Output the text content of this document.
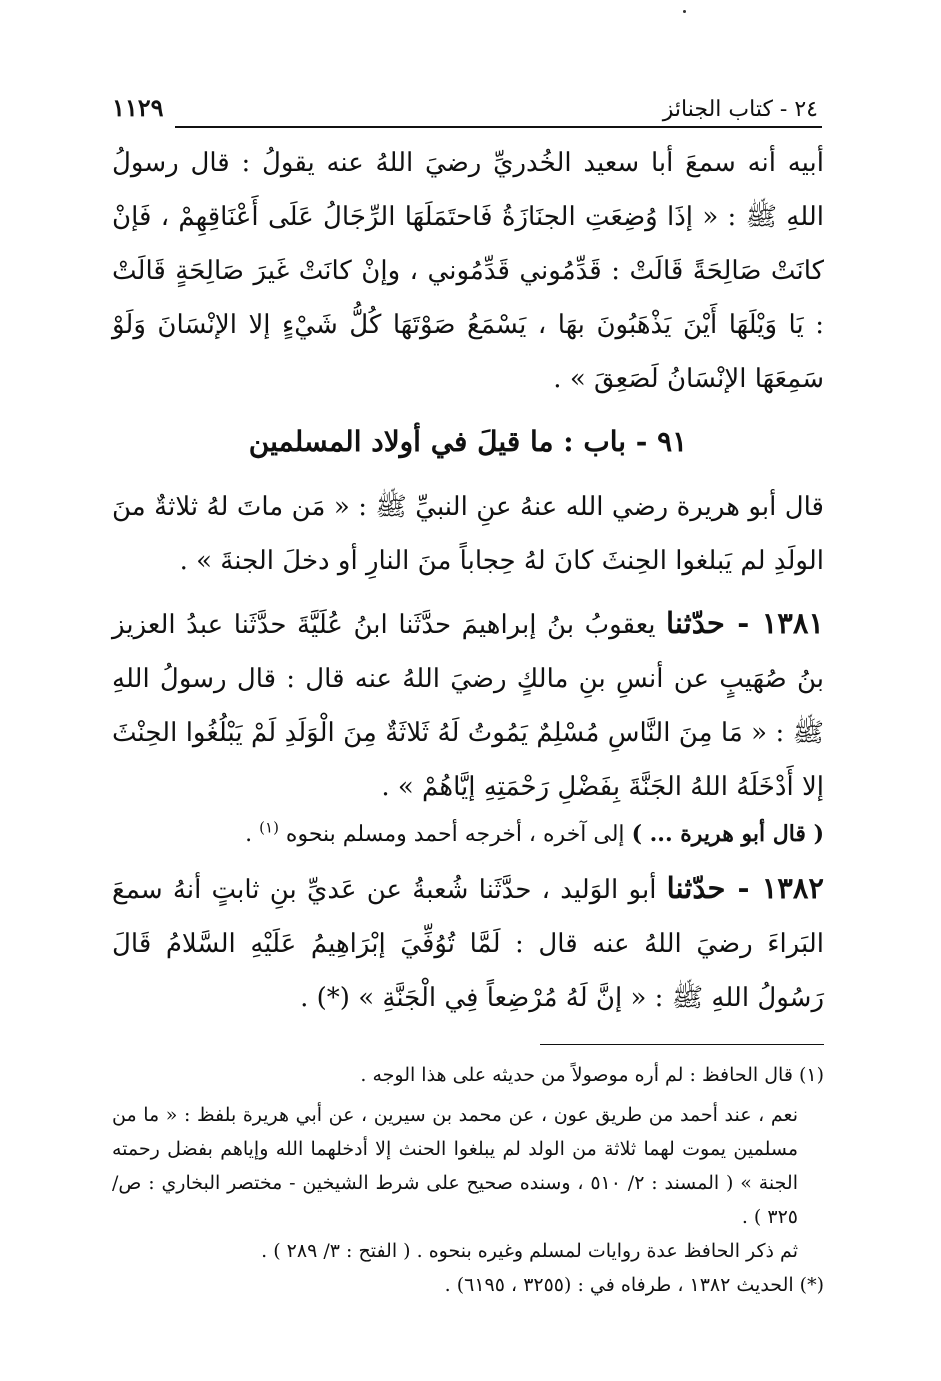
٢٤ - كتاب الجنائز
١١٢٩

أبيه أنه سمعَ أبا سعيد الخُدريِّ رضيَ اللهُ عنه يقولُ : قال رسولُ اللهِ ﷺ : « إذَا وُضِعَتِ الجنَازَةُ فَاحتَمَلَهَا الرِّجَالُ عَلَى أَعْنَاقِهِمْ ، فَإنْ كانَتْ صَالِحَةً قَالَتْ : قَدِّمُوني قَدِّمُوني ، وإنْ كانَتْ غَيرَ صَالِحَةٍ قَالَتْ : يَا وَيْلَهَا أَيْنَ يَذْهَبُونَ بهَا ، يَسْمَعُ صَوْتَهَا كُلُّ شَيْءٍ إلا الإنْسَانَ وَلَوْ سَمِعَهَا الإنْسَانُ لَصَعِقَ » .

٩١ - باب : ما قيلَ في أولاد المسلمين

قال أبو هريرة رضي الله عنهُ عنِ النبيِّ ﷺ : « مَن ماتَ لهُ ثلاثةٌ منَ الولَدِ لم يَبلغوا الحِنثَ كانَ لهُ حِجاباً منَ النارِ أو دخلَ الجنةَ » .

١٣٨١ - حدّثنا يعقوبُ بنُ إبراهيمَ حدَّثَنا ابنُ عُلَيَّةَ حدَّثَنا عبدُ العزيز بنُ صُهَيبٍ عن أنسِ بنِ مالكٍ رضيَ اللهُ عنه قال : قال رسولُ اللهِ ﷺ : « مَا مِنَ النَّاسِ مُسْلِمٌ يَمُوتُ لَهُ ثَلاثَةٌ مِنَ الْوَلَدِ لَمْ يَبْلُغُوا الحِنْثَ إلا أَدْخَلَهُ اللهُ الجَنَّةَ بِفَضْلِ رَحْمَتِهِ إيَّاهُمْ » .

( قال أبو هريرة ... ) إلى آخره ، أخرجه أحمد ومسلم بنحوه $^{(١)}$ .

١٣٨٢ - حدّثنا أبو الوَليد ، حدَّثَنا شُعبةُ عن عَديِّ بنِ ثابتٍ أنهُ سمعَ البَراءَ رضيَ اللهُ عنه قال : لَمَّا تُوُفِّيَ إبْرَاهِيمُ عَلَيْهِ السَّلامُ قَالَ رَسُولُ اللهِ ﷺ : « إنَّ لَهُ مُرْضِعاً فِي الْجَنَّةِ » (*) .

(١) قال الحافظ : لم أره موصولاً من حديثه على هذا الوجه .

نعم ، عند أحمد من طريق عون ، عن محمد بن سيرين ، عن أبي هريرة بلفظ : « ما من مسلمين يموت لهما ثلاثة من الولد لم يبلغوا الحنث إلا أدخلهما الله وإياهم بفضل رحمته الجنة » ( المسند : ٢/ ٥١٠ ، وسنده صحيح على شرط الشيخين - مختصر البخاري : ص/ ٣٢٥ ) .

ثم ذكر الحافظ عدة روايات لمسلم وغيره بنحوه . ( الفتح : ٣/ ٢٨٩ ) .

(*) الحديث ١٣٨٢ ، طرفاه في : (٣٢٥٥ ، ٦١٩٥) .
